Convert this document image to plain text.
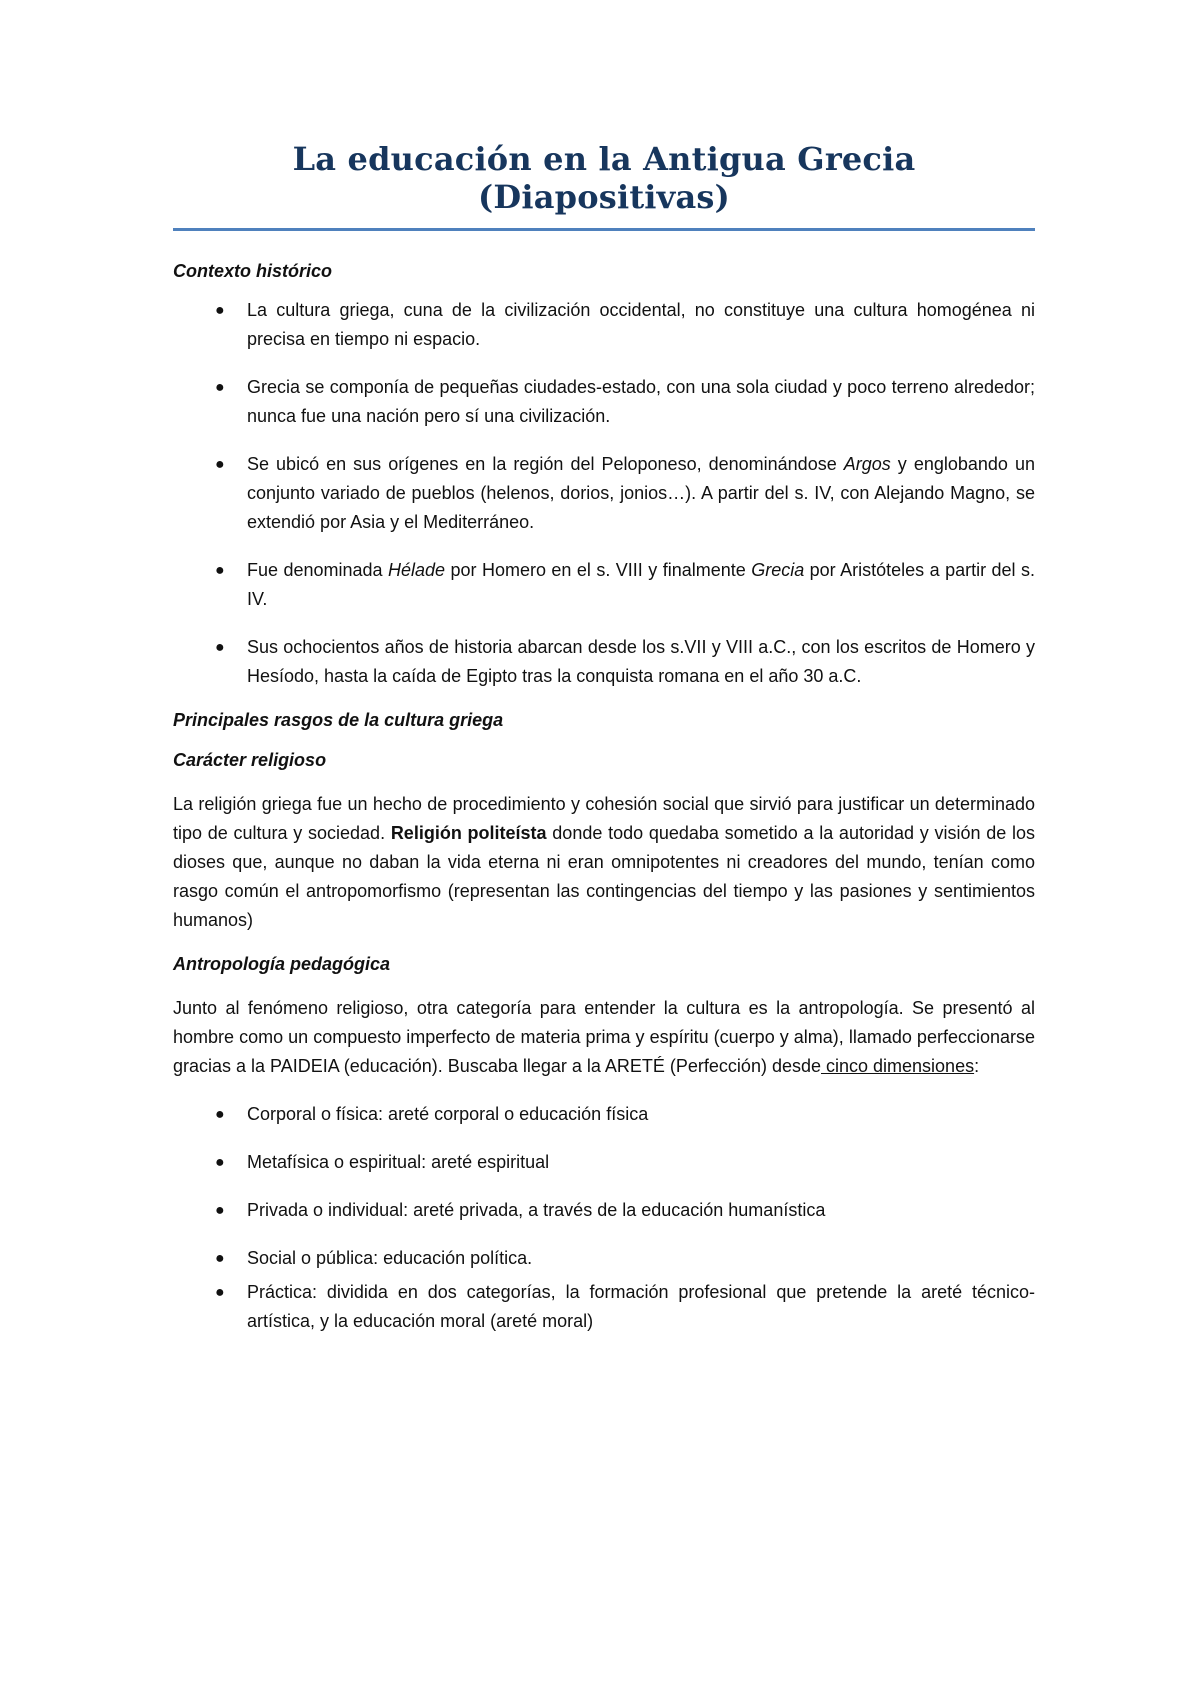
La educación en la Antigua Grecia (Diapositivas)

Contexto histórico

● La cultura griega, cuna de la civilización occidental, no constituye una cultura homogénea ni precisa en tiempo ni espacio.
● Grecia se componía de pequeñas ciudades-estado, con una sola ciudad y poco terreno alrededor; nunca fue una nación pero sí una civilización.
● Se ubicó en sus orígenes en la región del Peloponeso, denominándose Argos y englobando un conjunto variado de pueblos (helenos, dorios, jonios…). A partir del s. IV, con Alejando Magno, se extendió por Asia y el Mediterráneo.
● Fue denominada Hélade por Homero en el s. VIII y finalmente Grecia por Aristóteles a partir del s. IV.
● Sus ochocientos años de historia abarcan desde los s.VII y VIII a.C., con los escritos de Homero y Hesíodo, hasta la caída de Egipto tras la conquista romana en el año 30 a.C.

Principales rasgos de la cultura griega

Carácter religioso

La religión griega fue un hecho de procedimiento y cohesión social que sirvió para justificar un determinado tipo de cultura y sociedad. Religión politeísta donde todo quedaba sometido a la autoridad y visión de los dioses que, aunque no daban la vida eterna ni eran omnipotentes ni creadores del mundo, tenían como rasgo común el antropomorfismo (representan las contingencias del tiempo y las pasiones y sentimientos humanos)

Antropología pedagógica

Junto al fenómeno religioso, otra categoría para entender la cultura es la antropología. Se presentó al hombre como un compuesto imperfecto de materia prima y espíritu (cuerpo y alma), llamado perfeccionarse gracias a la PAIDEIA (educación). Buscaba llegar a la ARETÉ (Perfección) desde cinco dimensiones:

● Corporal o física: areté corporal o educación física
● Metafísica o espiritual: areté espiritual
● Privada o individual: areté privada, a través de la educación humanística
● Social o pública: educación política.
● Práctica: dividida en dos categorías, la formación profesional que pretende la areté técnico-artística, y la educación moral (areté moral)
